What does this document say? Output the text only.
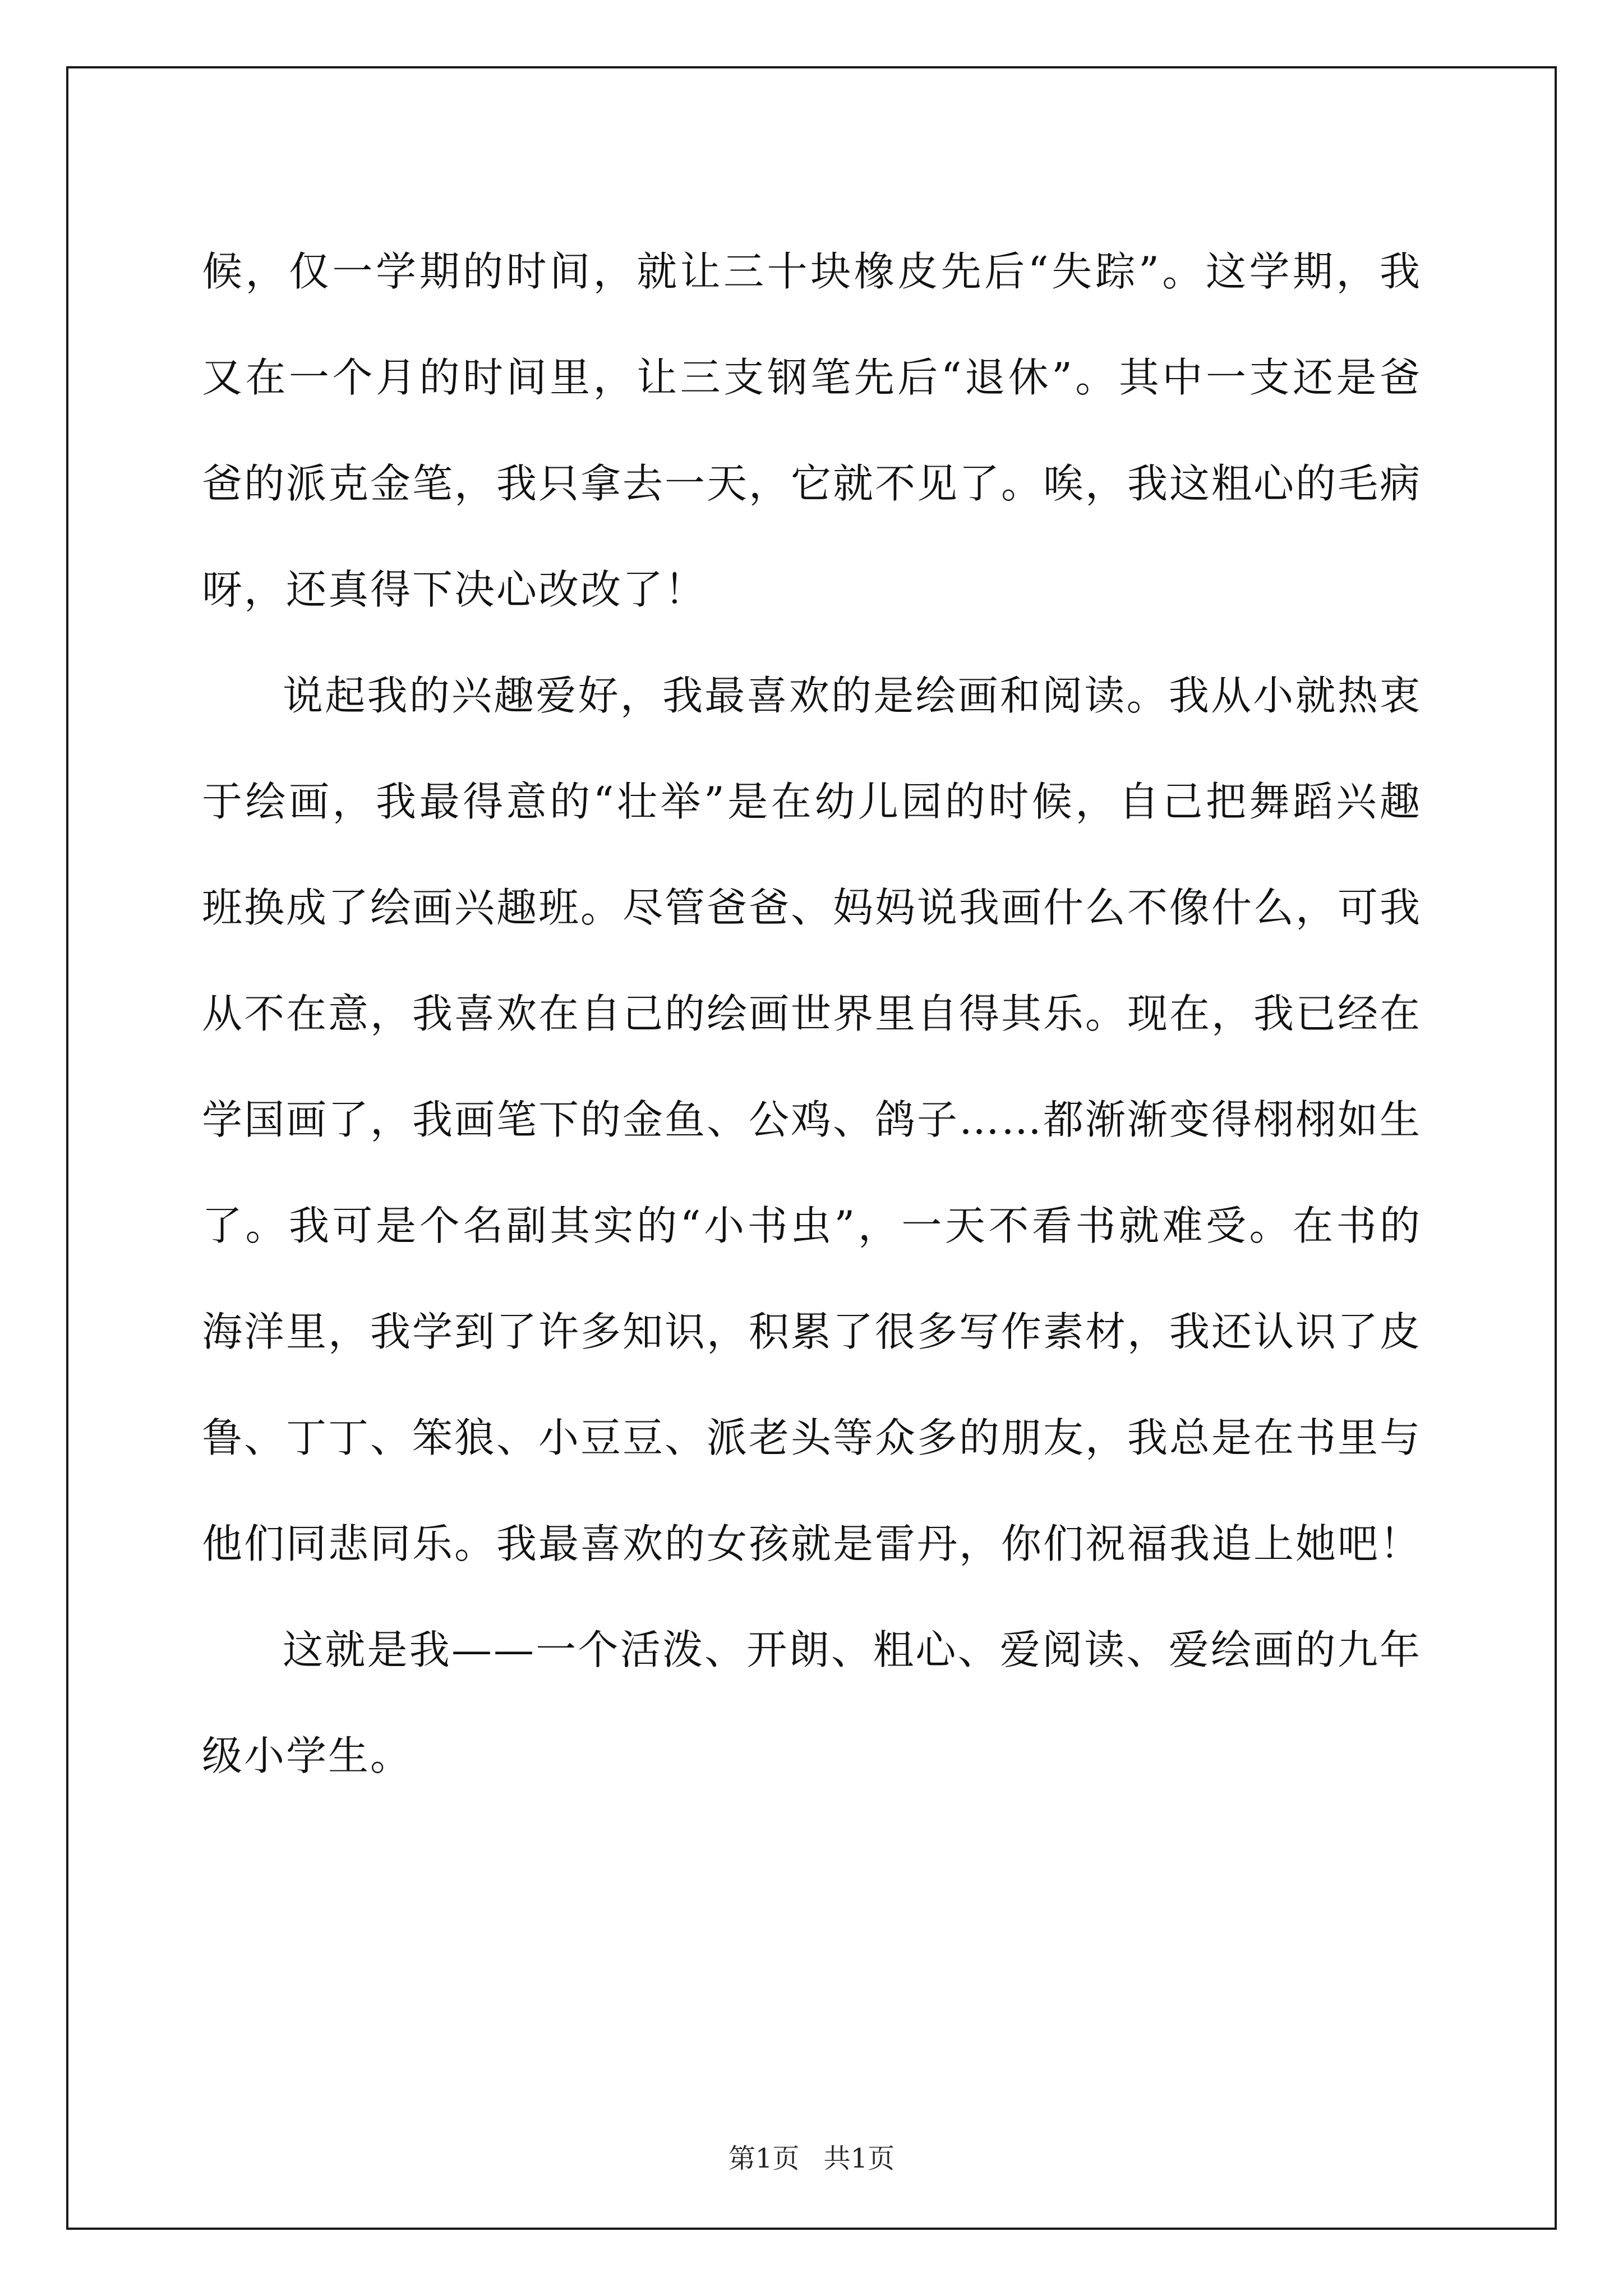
候，仅一学期的时间，就让三十块橡皮先后“失踪”。这学期，我又在一个月的时间里，让三支钢笔先后“退休”。其中一支还是爸爸的派克金笔，我只拿去一天，它就不见了。唉，我这粗心的毛病呀，还真得下决心改改了！

说起我的兴趣爱好，我最喜欢的是绘画和阅读。我从小就热衷于绘画，我最得意的“壮举”是在幼儿园的时候，自己把舞蹈兴趣班换成了绘画兴趣班。尽管爸爸、妈妈说我画什么不像什么，可我从不在意，我喜欢在自己的绘画世界里自得其乐。现在，我已经在学国画了，我画笔下的金鱼、公鸡、鸽子……都渐渐变得栩栩如生了。我可是个名副其实的“小书虫”，一天不看书就难受。在书的海洋里，我学到了许多知识，积累了很多写作素材，我还认识了皮鲁、丁丁、笨狼、小豆豆、派老头等众多的朋友，我总是在书里与他们同悲同乐。我最喜欢的女孩就是雷丹，你们祝福我追上她吧！

这就是我——一个活泼、开朗、粗心、爱阅读、爱绘画的九年级小学生。

第1页 共1页
